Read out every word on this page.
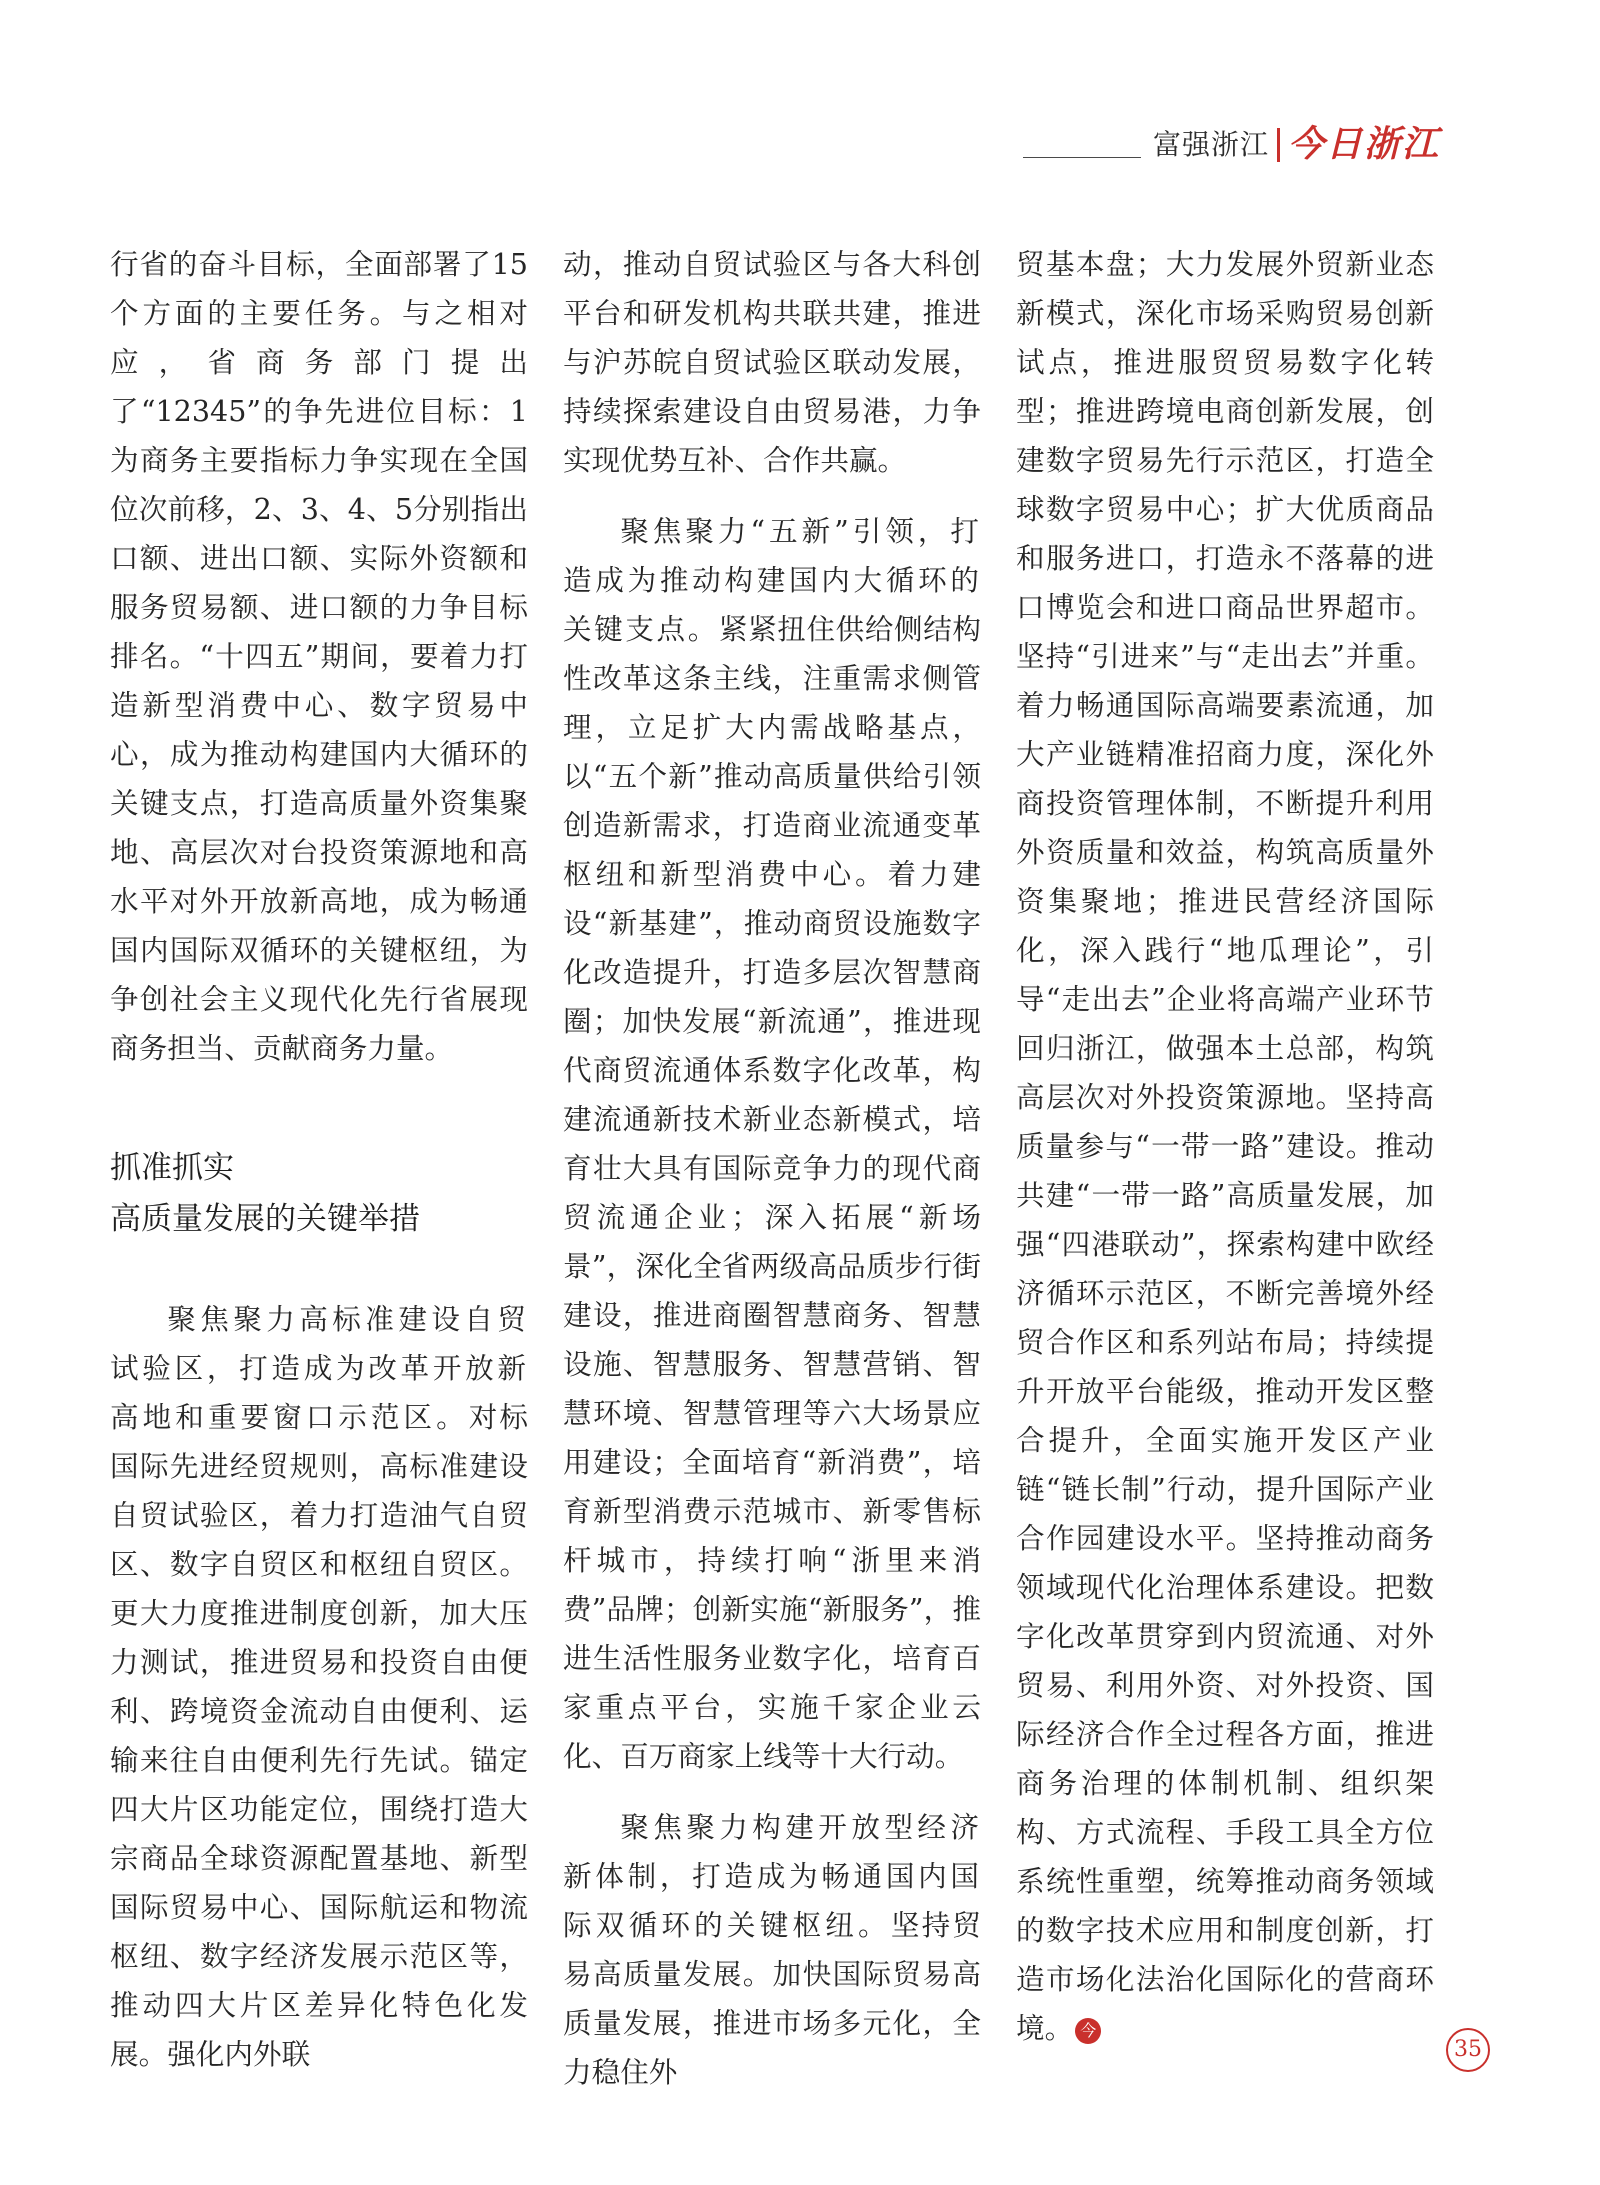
富强浙江 今日浙江

行省的奋斗目标，全面部署了15个方面的主要任务。与之相对应，省商务部门提出了“12345”的争先进位目标：1为商务主要指标力争实现在全国位次前移，2、3、4、5分别指出口额、进出口额、实际外资额和服务贸易额、进口额的力争目标排名。“十四五”期间，要着力打造新型消费中心、数字贸易中心，成为推动构建国内大循环的关键支点，打造高质量外资集聚地、高层次对台投资策源地和高水平对外开放新高地，成为畅通国内国际双循环的关键枢纽，为争创社会主义现代化先行省展现商务担当、贡献商务力量。

抓准抓实
高质量发展的关键举措

聚焦聚力高标准建设自贸试验区，打造成为改革开放新高地和重要窗口示范区。对标国际先进经贸规则，高标准建设自贸试验区，着力打造油气自贸区、数字自贸区和枢纽自贸区。更大力度推进制度创新，加大压力测试，推进贸易和投资自由便利、跨境资金流动自由便利、运输来往自由便利先行先试。锚定四大片区功能定位，围绕打造大宗商品全球资源配置基地、新型国际贸易中心、国际航运和物流枢纽、数字经济发展示范区等，推动四大片区差异化特色化发展。强化内外联

动，推动自贸试验区与各大科创平台和研发机构共联共建，推进与沪苏皖自贸试验区联动发展，持续探索建设自由贸易港，力争实现优势互补、合作共赢。

聚焦聚力“五新”引领，打造成为推动构建国内大循环的关键支点。紧紧扭住供给侧结构性改革这条主线，注重需求侧管理，立足扩大内需战略基点，以“五个新”推动高质量供给引领创造新需求，打造商业流通变革枢纽和新型消费中心。着力建设“新基建”，推动商贸设施数字化改造提升，打造多层次智慧商圈；加快发展“新流通”，推进现代商贸流通体系数字化改革，构建流通新技术新业态新模式，培育壮大具有国际竞争力的现代商贸流通企业；深入拓展“新场景”，深化全省两级高品质步行街建设，推进商圈智慧商务、智慧设施、智慧服务、智慧营销、智慧环境、智慧管理等六大场景应用建设；全面培育“新消费”，培育新型消费示范城市、新零售标杆城市，持续打响“浙里来消费”品牌；创新实施“新服务”，推进生活性服务业数字化，培育百家重点平台，实施千家企业云化、百万商家上线等十大行动。

聚焦聚力构建开放型经济新体制，打造成为畅通国内国际双循环的关键枢纽。坚持贸易高质量发展。加快国际贸易高质量发展，推进市场多元化，全力稳住外

贸基本盘；大力发展外贸新业态新模式，深化市场采购贸易创新试点，推进服贸贸易数字化转型；推进跨境电商创新发展，创建数字贸易先行示范区，打造全球数字贸易中心；扩大优质商品和服务进口，打造永不落幕的进口博览会和进口商品世界超市。坚持“引进来”与“走出去”并重。着力畅通国际高端要素流通，加大产业链精准招商力度，深化外商投资管理体制，不断提升利用外资质量和效益，构筑高质量外资集聚地；推进民营经济国际化，深入践行“地瓜理论”，引导“走出去”企业将高端产业环节回归浙江，做强本土总部，构筑高层次对外投资策源地。坚持高质量参与“一带一路”建设。推动共建“一带一路”高质量发展，加强“四港联动”，探索构建中欧经济循环示范区，不断完善境外经贸合作区和系列站布局；持续提升开放平台能级，推动开发区整合提升，全面实施开发区产业链“链长制”行动，提升国际产业合作园建设水平。坚持推动商务领域现代化治理体系建设。把数字化改革贯穿到内贸流通、对外贸易、利用外资、对外投资、国际经济合作全过程各方面，推进商务治理的体制机制、组织架构、方式流程、手段工具全方位系统性重塑，统筹推动商务领域的数字技术应用和制度创新，打造市场化法治化国际化的营商环境。 今

35
